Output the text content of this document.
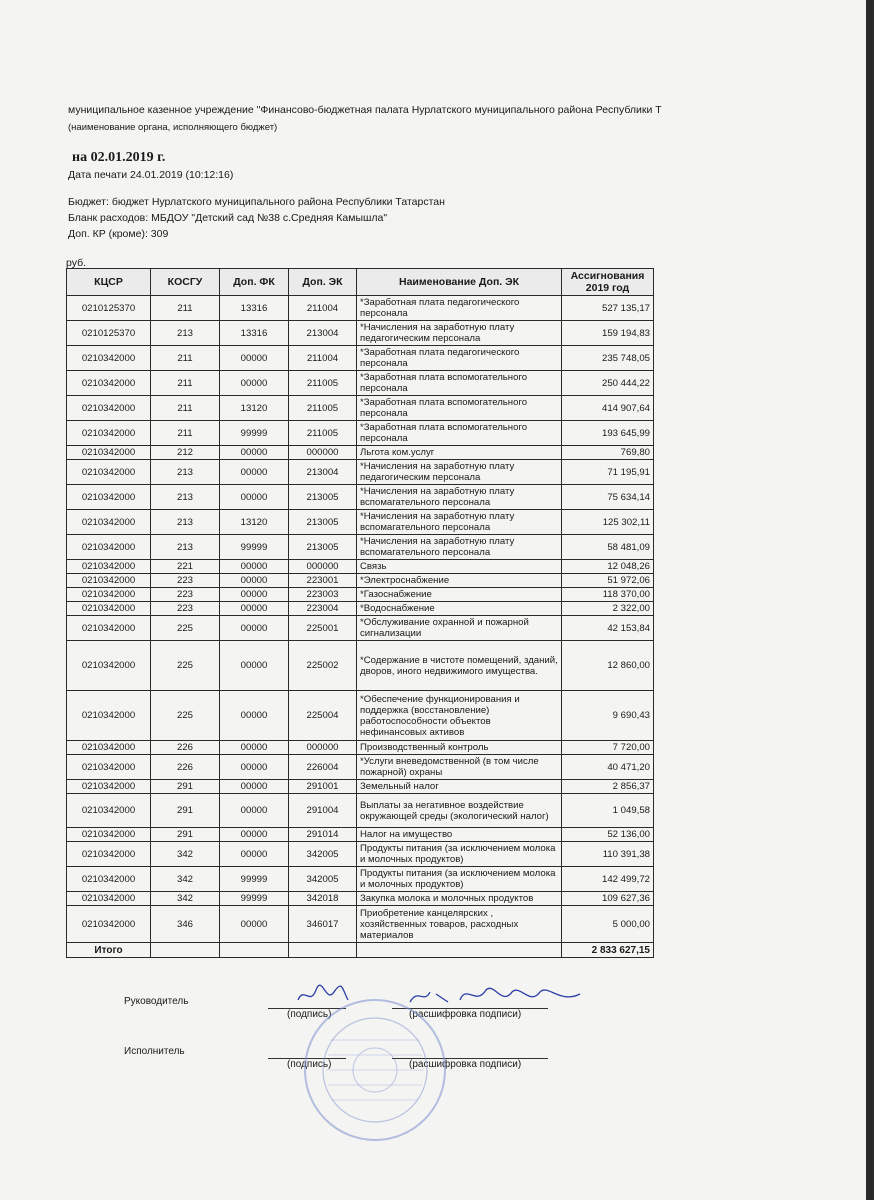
муниципальное казенное учреждение "Финансово-бюджетная палата Нурлатского муниципального района Республики Т
(наименование органа, исполняющего бюджет)
на 02.01.2019 г.
Дата печати 24.01.2019 (10:12:16)
Бюджет: бюджет Нурлатского муниципального района Республики Татарстан
Бланк расходов: МБДОУ "Детский сад №38 с.Средняя Камышла"
Доп. КР (кроме): 309
руб.
КЦСР	КОСГУ	Доп. ФК	Доп. ЭК	Наименование Доп. ЭК	Ассигнования 2019 год
0210125370	211	13316	211004	*Заработная плата педагогического персонала	527 135,17
0210125370	213	13316	213004	*Начисления на заработную плату педагогическим персонала	159 194,83
0210342000	211	00000	211004	*Заработная плата педагогического персонала	235 748,05
0210342000	211	00000	211005	*Заработная плата вспомогательного персонала	250 444,22
0210342000	211	13120	211005	*Заработная плата вспомогательного персонала	414 907,64
0210342000	211	99999	211005	*Заработная плата вспомогательного персонала	193 645,99
0210342000	212	00000	000000	Льгота ком.услуг	769,80
0210342000	213	00000	213004	*Начисления на заработную плату педагогическим персонала	71 195,91
0210342000	213	00000	213005	*Начисления на заработную плату вспомагательного персонала	75 634,14
0210342000	213	13120	213005	*Начисления на заработную плату вспомагательного персонала	125 302,11
0210342000	213	99999	213005	*Начисления на заработную плату вспомагательного персонала	58 481,09
0210342000	221	00000	000000	Связь	12 048,26
0210342000	223	00000	223001	*Электроснабжение	51 972,06
0210342000	223	00000	223003	*Газоснабжение	118 370,00
0210342000	223	00000	223004	*Водоснабжение	2 322,00
0210342000	225	00000	225001	*Обслуживание охранной и пожарной сигнализации	42 153,84
0210342000	225	00000	225002	*Содержание в чистоте помещений, зданий, дворов, иного недвижимого имущества.	12 860,00
0210342000	225	00000	225004	*Обеспечение функционирования и поддержка (восстановление) работоспособности объектов нефинансовых активов	9 690,43
0210342000	226	00000	000000	Производственный контроль	7 720,00
0210342000	226	00000	226004	*Услуги вневедомственной (в том числе пожарной) охраны	40 471,20
0210342000	291	00000	291001	Земельный налог	2 856,37
0210342000	291	00000	291004	Выплаты за негативное воздействие окружающей среды (экологический налог)	1 049,58
0210342000	291	00000	291014	Налог на имущество	52 136,00
0210342000	342	00000	342005	Продукты питания (за исключением молока и молочных продуктов)	110 391,38
0210342000	342	99999	342005	Продукты питания (за исключением молока и молочных продуктов)	142 499,72
0210342000	342	99999	342018	Закупка молока и молочных продуктов	109 627,36
0210342000	346	00000	346017	Приобретение канцелярских , хозяйственных товаров, расходных материалов	5 000,00
Итого					2 833 627,15
Руководитель
(подпись)	(расшифровка подписи)
Исполнитель
(подпись)	(расшифровка подписи)
